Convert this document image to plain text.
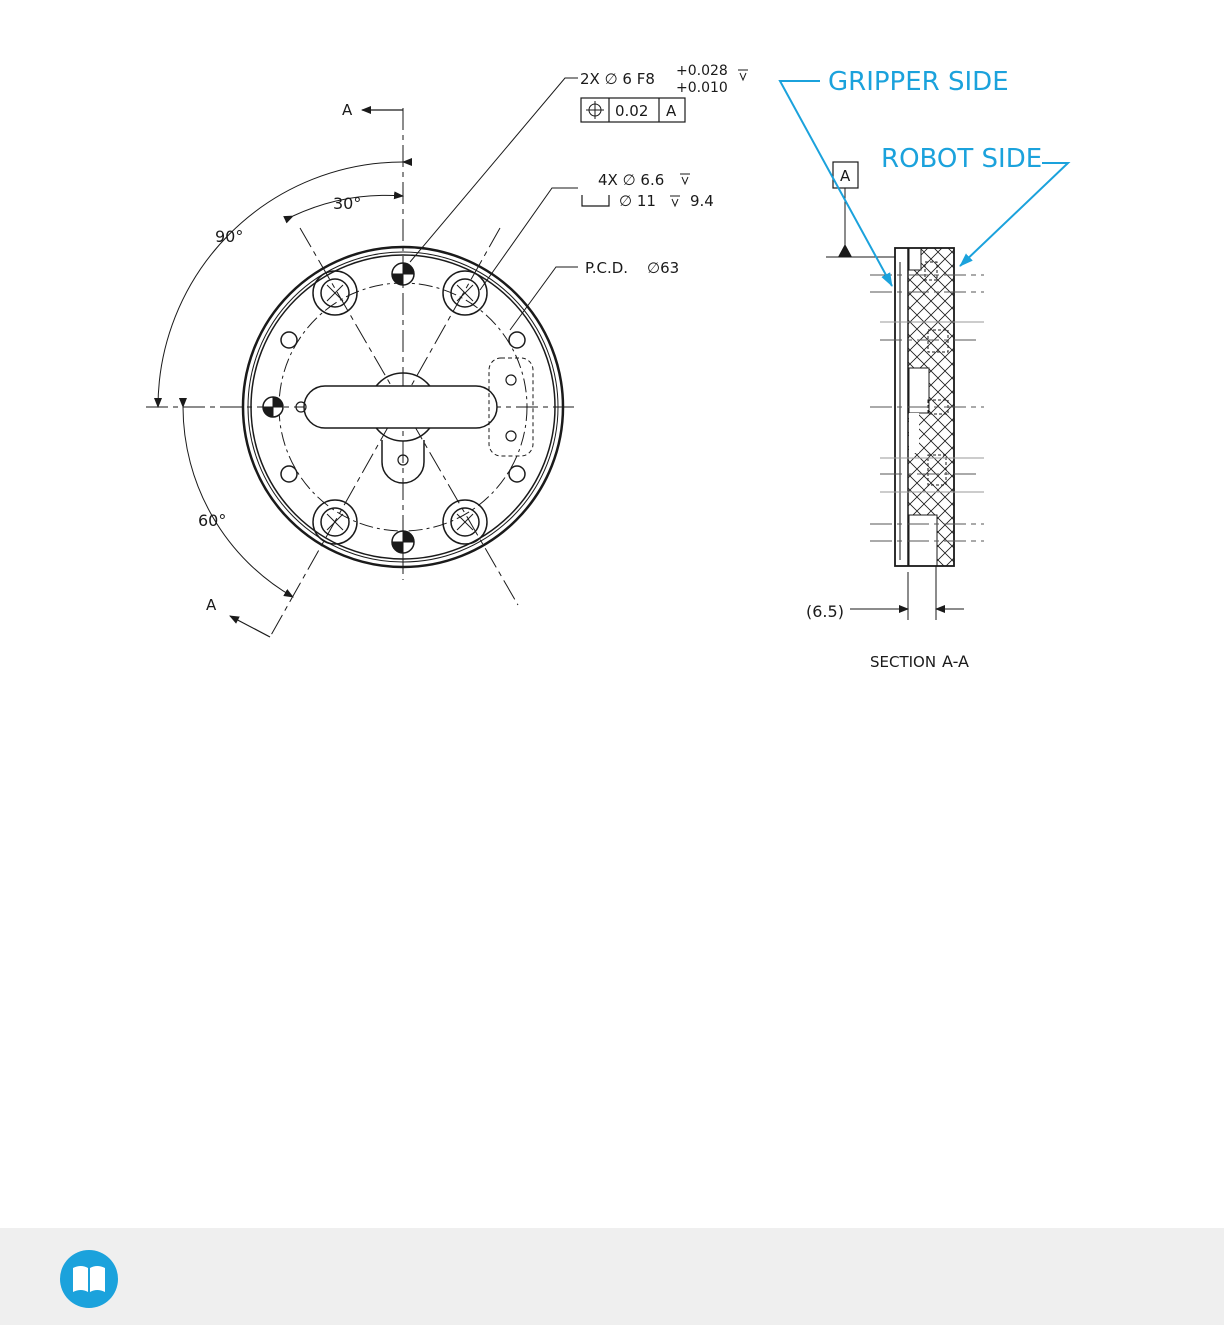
A
A
90°
30°
60°
2X ∅ 6 F8 +0.028
+0.010
0.02 A
4X ∅ 6.6
∅ 11 9.4
P.C.D. ∅63
A
GRIPPER SIDE
ROBOT SIDE
(6.5)
SECTION A-A
